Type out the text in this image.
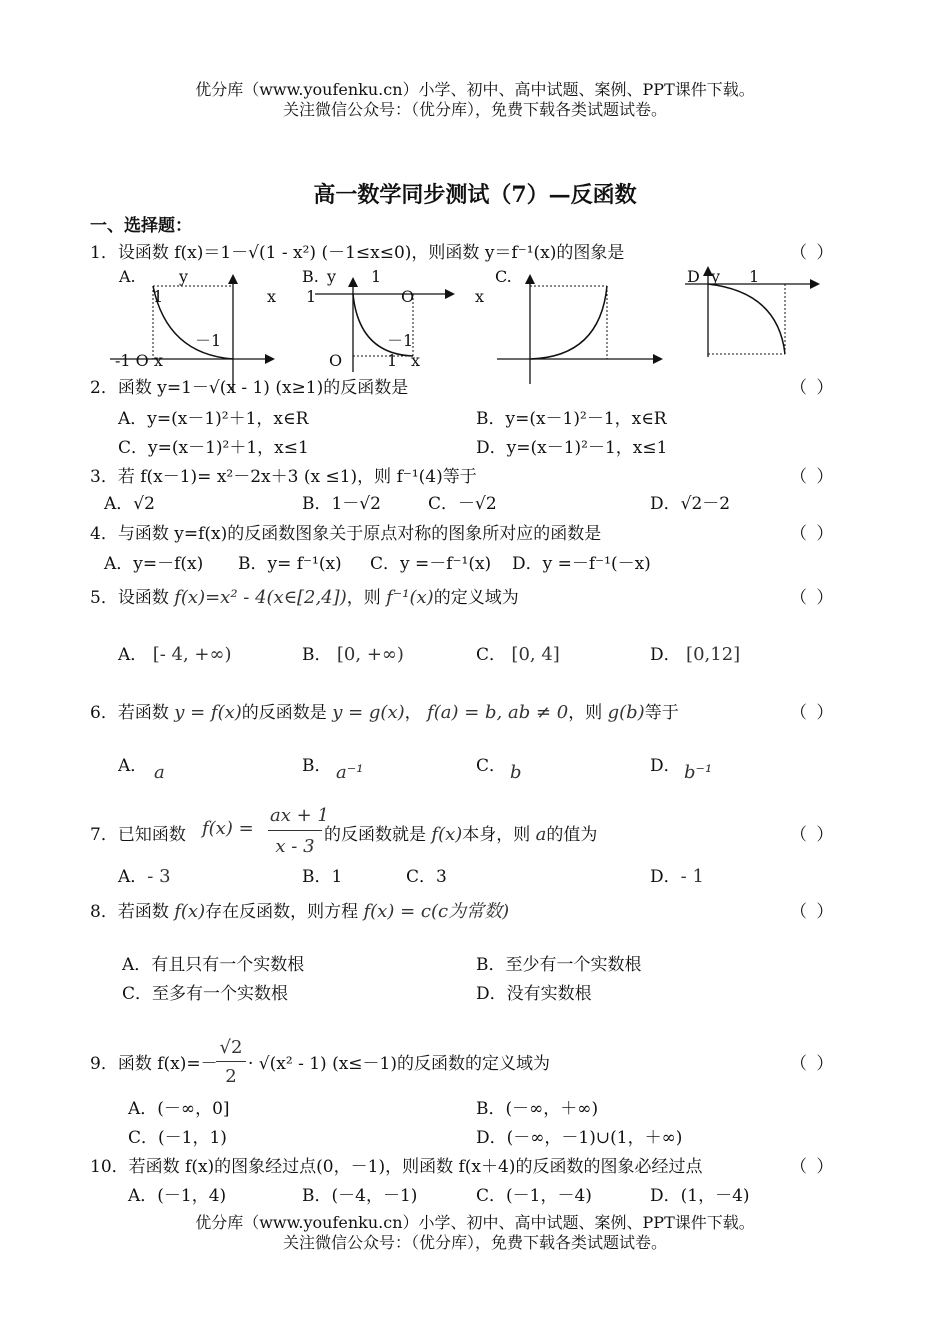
优分库（www.youfenku.cn）小学、初中、高中试题、案例、PPT课件下载。
关注微信公众号：（优分库），免费下载各类试题试卷。
高一数学同步测试（7）—反函数
一、选择题：
1．设函数 f(x)＝1－√(1 - x²) (－1≤x≤0)，则函数 y＝f⁻¹(x)的图象是	（ ）
A.	y
1	x
－1
-1 O x
B. y 1
1	O	x
－1
O	1 x
C.	D y 1
2．函数 y=1－√(x - 1) (x≥1)的反函数是	（ ）
A．y=(x－1)²＋1，x∈R	B．y=(x－1)²－1，x∈R
C．y=(x－1)²＋1，x≤1	D．y=(x－1)²－1，x≤1
3．若 f(x－1)= x²－2x＋3 (x ≤1)，则 f⁻¹(4)等于	（ ）
A．√2	B．1－√2	C．－√2	D．√2－2
4．与函数 y=f(x)的反函数图象关于原点对称的图象所对应的函数是	（ ）
A．y=－f(x) B．y= f⁻¹(x) C．y =－f⁻¹(x) D．y =－f⁻¹(－x)
5．设函数 f(x)=x² - 4(x∈[2,4])，则 f⁻¹(x)的定义域为	（ ）
A． [- 4, +∞)	B． [0, +∞)	C． [0, 4]	D． [0,12]
6．若函数 y = f(x)的反函数是 y = g(x)， f(a) = b, ab ≠ 0，则 g(b)等于	（ ）
A． a	B． a⁻¹	C． b	D． b⁻¹
7．已知函数 f(x) =
ax + 1
x - 3
的反函数就是 f(x)本身，则 a的值为	（ ）
A．- 3	B．1	C．3	D．- 1
8．若函数 f(x)存在反函数，则方程 f(x) = c(c为常数)	（ ）
A．有且只有一个实数根	B．至少有一个实数根
C．至多有一个实数根	D．没有实数根
9．函数 f(x)=－
√2
2
· √(x² - 1) (x≤－1)的反函数的定义域为	（ ）
A．(－∞，0]	B．(－∞，＋∞)
C．(－1，1)	D．(－∞，－1)∪(1，＋∞)
10．若函数 f(x)的图象经过点(0，－1)，则函数 f(x＋4)的反函数的图象必经过点	（ ）
A．(－1，4)	B．(－4，－1)	C．(－1，－4)	D．(1，－4)
优分库（www.youfenku.cn）小学、初中、高中试题、案例、PPT课件下载。
关注微信公众号：（优分库），免费下载各类试题试卷。
